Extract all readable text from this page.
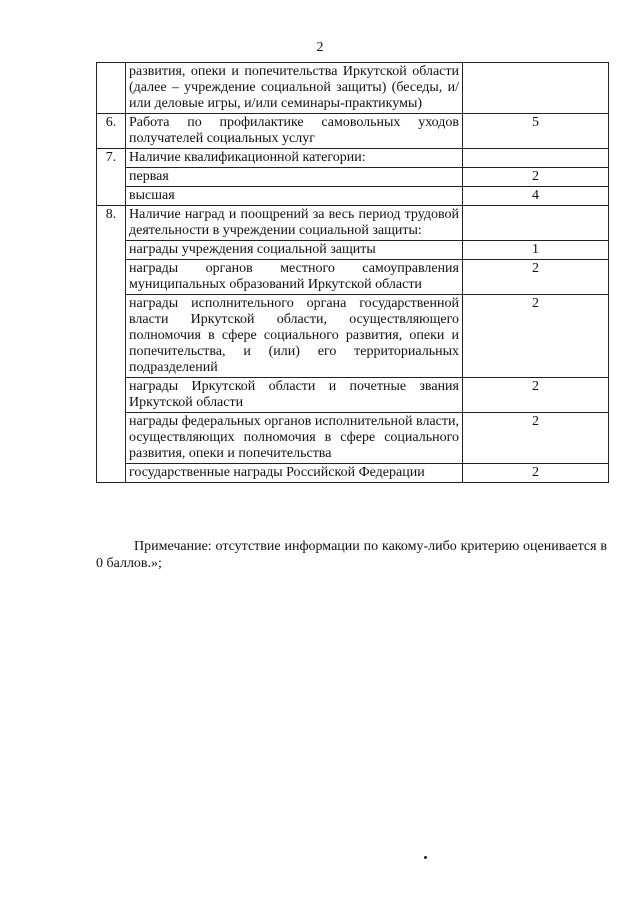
2
	развития, опеки и попечительства Иркутской области (далее – учреждение социальной защиты) (беседы, и/или деловые игры, и/или семинары-практикумы)	
6.	Работа по профилактике самовольных уходов получателей социальных услуг	5
7.	Наличие квалификационной категории:	
	первая	2
	высшая	4
8.	Наличие наград и поощрений за весь период трудовой деятельности в учреждении социальной защиты:	
	награды учреждения социальной защиты	1
	награды органов местного самоуправления муниципальных образований Иркутской области	2
	награды исполнительного органа государственной власти Иркутской области, осуществляющего полномочия в сфере социального развития, опеки и попечительства, и (или) его территориальных подразделений	2
	награды Иркутской области и почетные звания Иркутской области	2
	награды федеральных органов исполнительной власти, осуществляющих полномочия в сфере социального развития, опеки и попечительства	2
	государственные награды Российской Федерации	2

Примечание: отсутствие информации по какому-либо критерию оценивается в 0 баллов.»;
